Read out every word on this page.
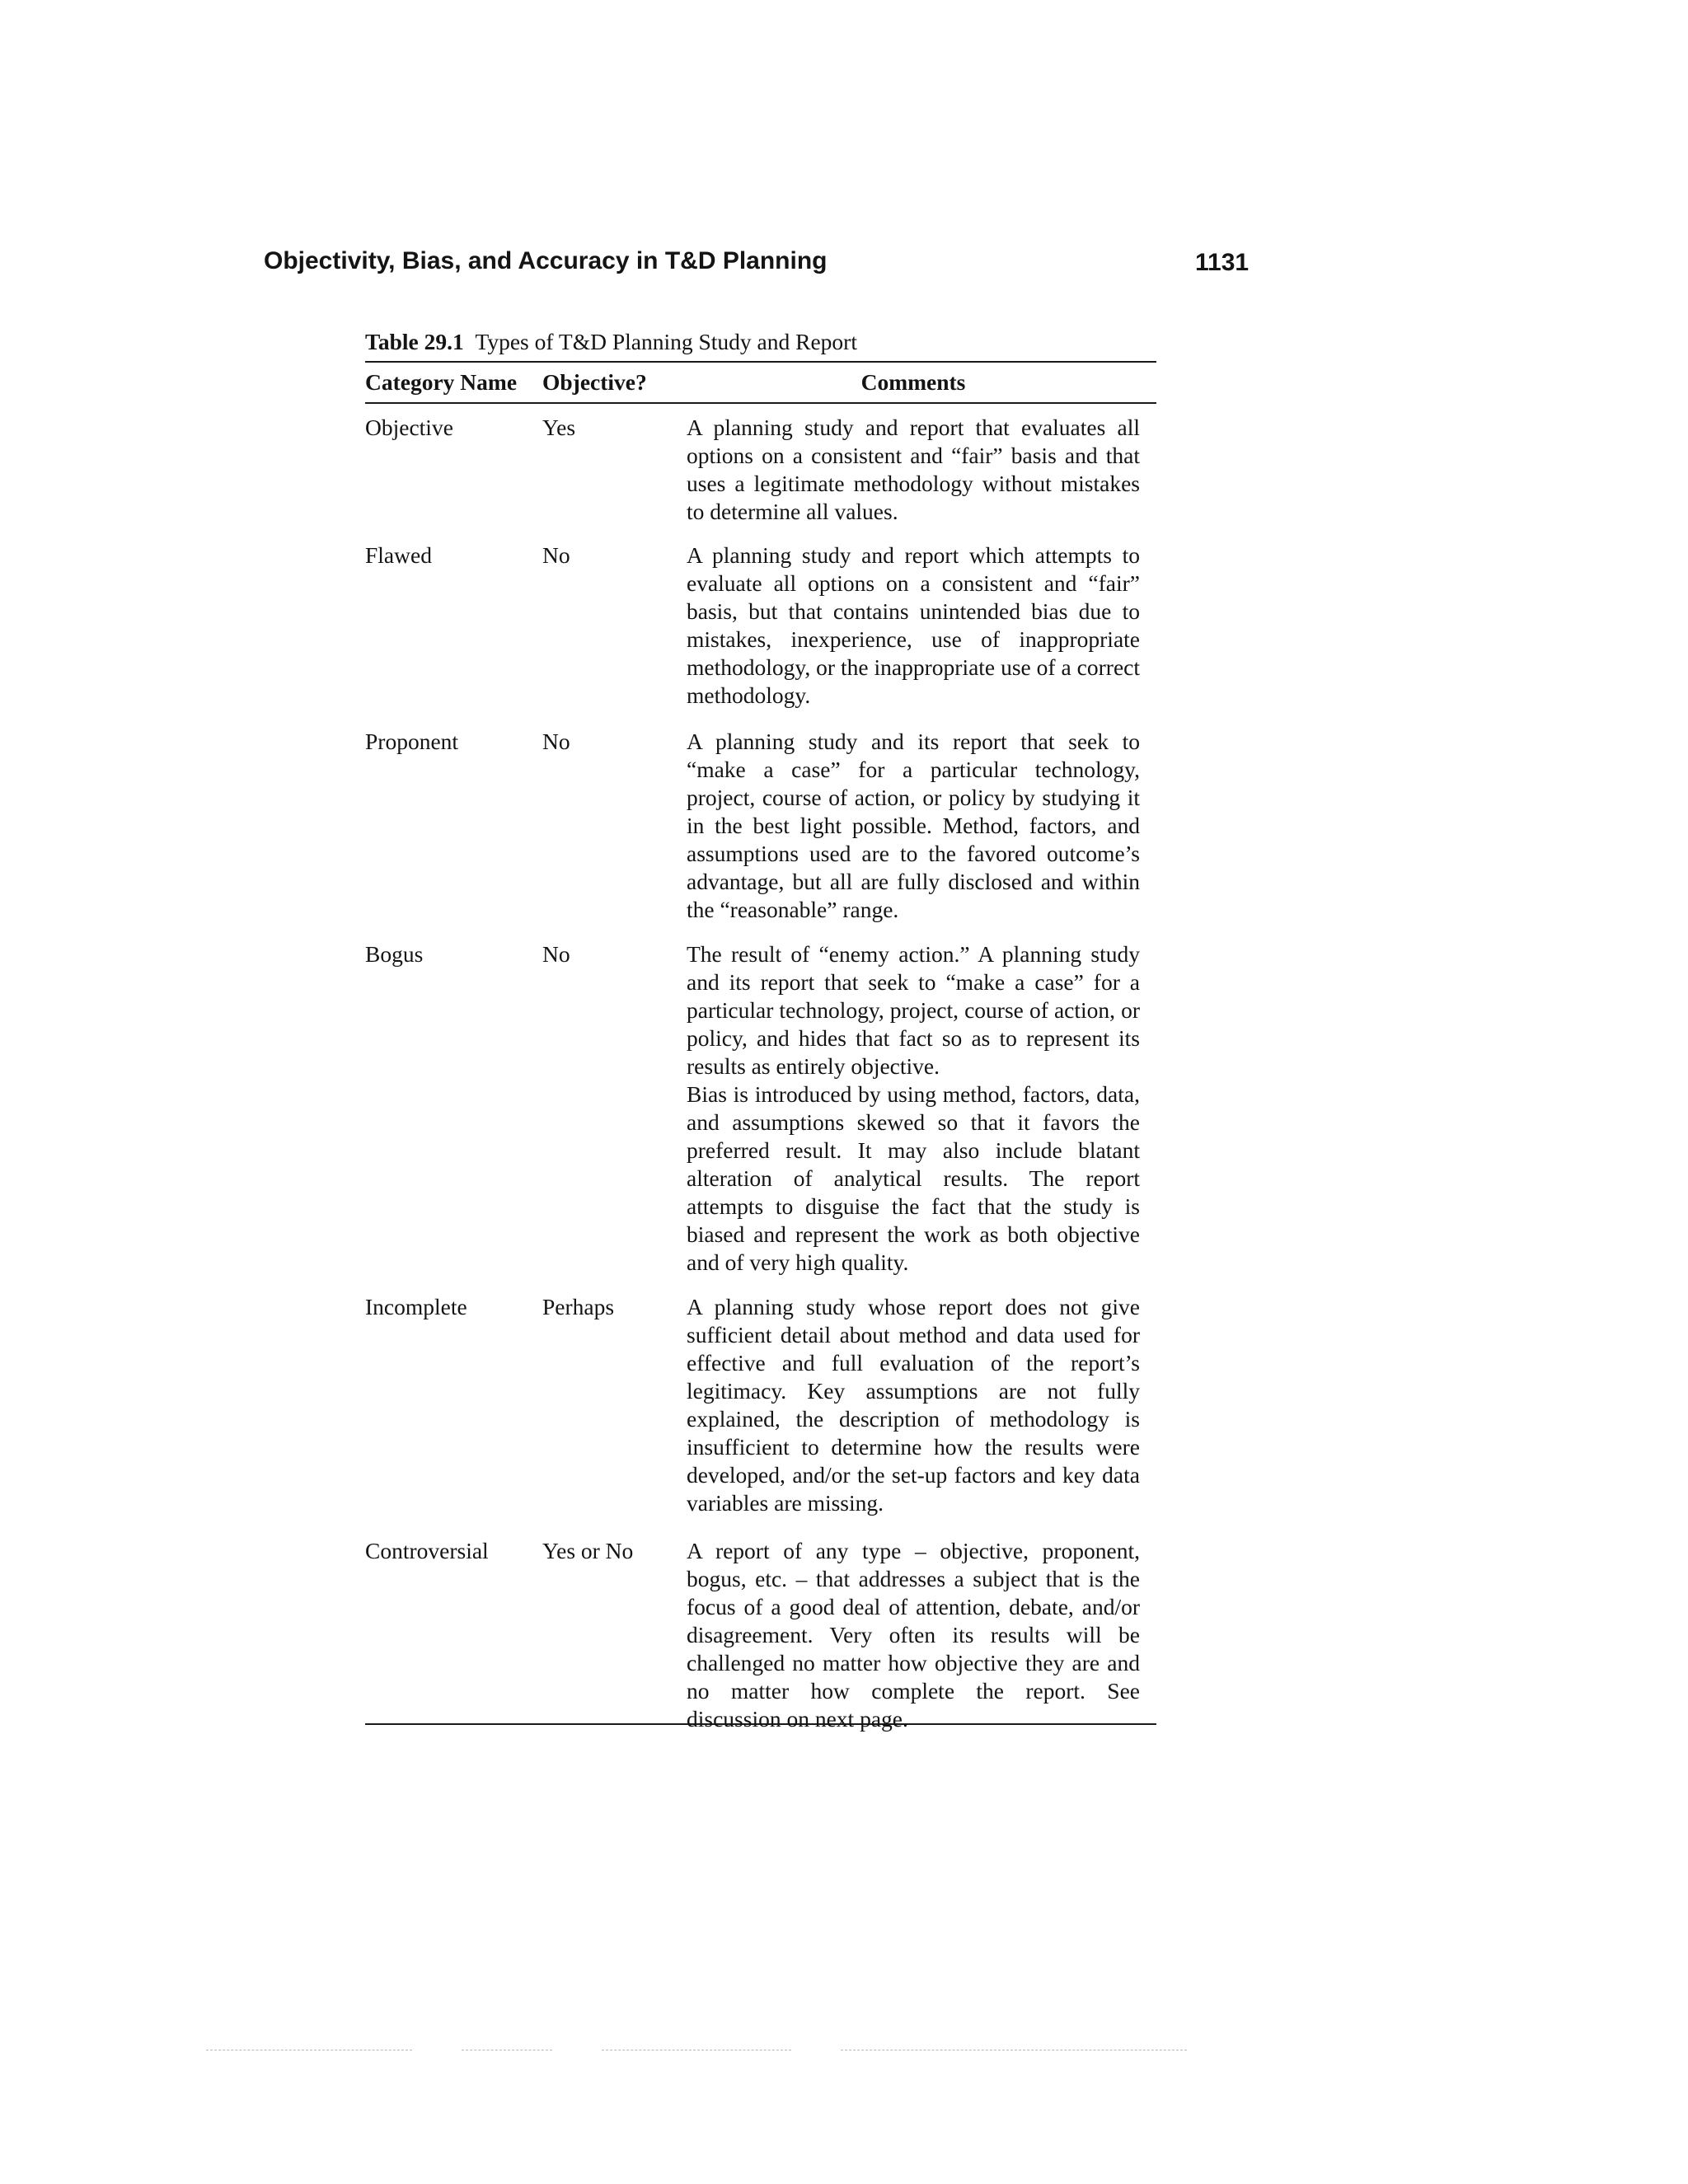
Objectivity, Bias, and Accuracy in T&D Planning	1131
Table 29.1 Types of T&D Planning Study and Report
Category Name	Objective?	Comments
Objective	Yes	A planning study and report that evaluates all options on a consistent and “fair” basis and that uses a legitimate methodology without mistakes to determine all values.
Flawed	No	A planning study and report which attempts to evaluate all options on a consistent and “fair” basis, but that contains unintended bias due to mistakes, inexperience, use of inappropriate methodology, or the inappropriate use of a correct methodology.
Proponent	No	A planning study and its report that seek to “make a case” for a particular technology, project, course of action, or policy by studying it in the best light possible. Method, factors, and assumptions used are to the favored outcome’s advantage, but all are fully disclosed and within the “reasonable” range.
Bogus	No	The result of “enemy action.” A planning study and its report that seek to “make a case” for a particular technology, project, course of action, or policy, and hides that fact so as to represent its results as entirely objective.
Bias is introduced by using method, factors, data, and assumptions skewed so that it favors the preferred result. It may also include blatant alteration of analytical results. The report attempts to disguise the fact that the study is biased and represent the work as both objective and of very high quality.
Incomplete	Perhaps	A planning study whose report does not give sufficient detail about method and data used for effective and full evaluation of the report’s legitimacy. Key assumptions are not fully explained, the description of methodology is insufficient to determine how the results were developed, and/or the set-up factors and key data variables are missing.
Controversial	Yes or No	A report of any type – objective, proponent, bogus, etc. – that addresses a subject that is the focus of a good deal of attention, debate, and/or disagreement. Very often its results will be challenged no matter how objective they are and no matter how complete the report. See discussion on next page.
